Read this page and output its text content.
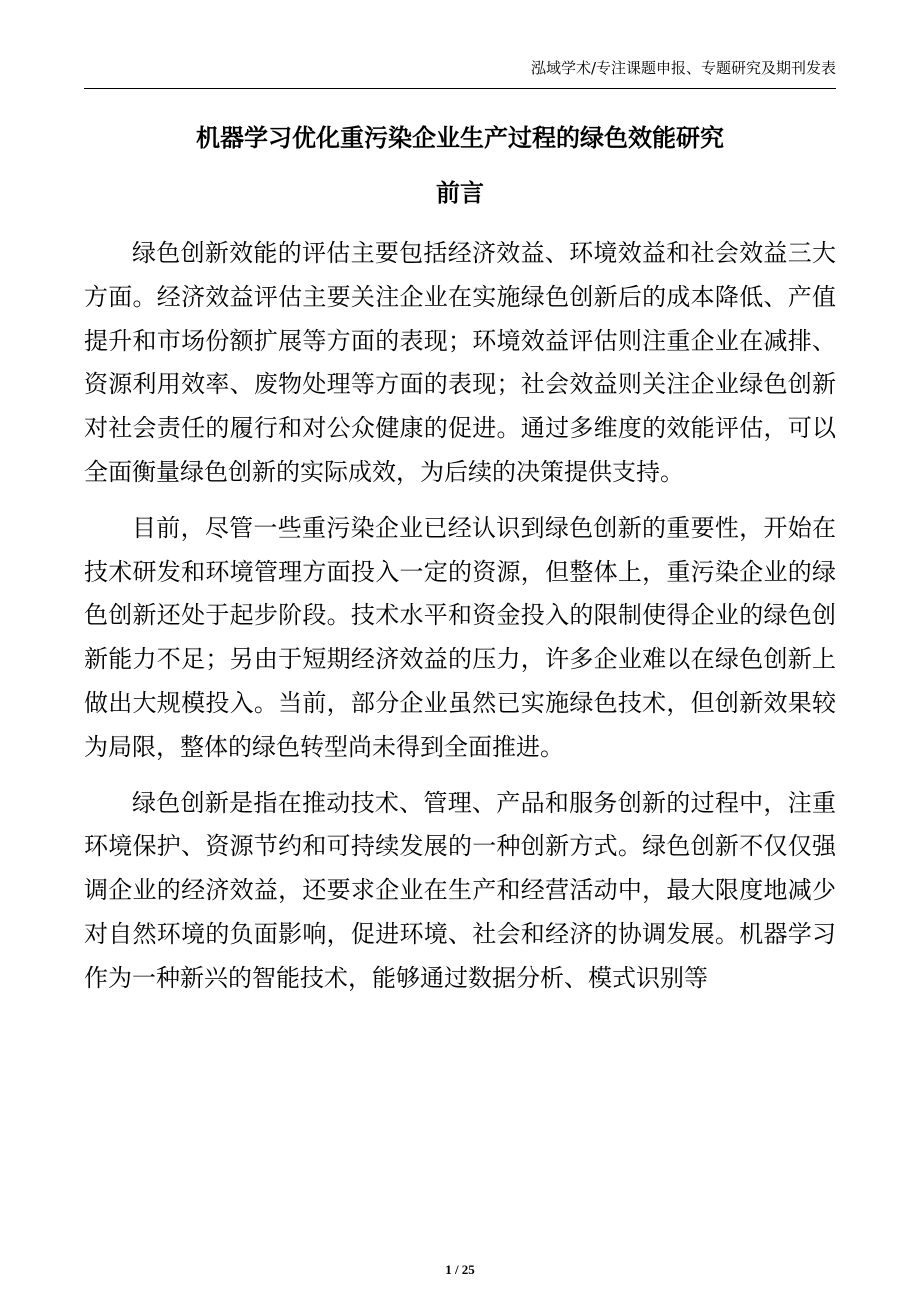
泓域学术/专注课题申报、专题研究及期刊发表
机器学习优化重污染企业生产过程的绿色效能研究
前言

绿色创新效能的评估主要包括经济效益、环境效益和社会效益三大方面。经济效益评估主要关注企业在实施绿色创新后的成本降低、产值提升和市场份额扩展等方面的表现；环境效益评估则注重企业在减排、资源利用效率、废物处理等方面的表现；社会效益则关注企业绿色创新对社会责任的履行和对公众健康的促进。通过多维度的效能评估，可以全面衡量绿色创新的实际成效，为后续的决策提供支持。

目前，尽管一些重污染企业已经认识到绿色创新的重要性，开始在技术研发和环境管理方面投入一定的资源，但整体上，重污染企业的绿色创新还处于起步阶段。技术水平和资金投入的限制使得企业的绿色创新能力不足；另由于短期经济效益的压力，许多企业难以在绿色创新上做出大规模投入。当前，部分企业虽然已实施绿色技术，但创新效果较为局限，整体的绿色转型尚未得到全面推进。

绿色创新是指在推动技术、管理、产品和服务创新的过程中，注重环境保护、资源节约和可持续发展的一种创新方式。绿色创新不仅仅强调企业的经济效益，还要求企业在生产和经营活动中，最大限度地减少对自然环境的负面影响，促进环境、社会和经济的协调发展。机器学习作为一种新兴的智能技术，能够通过数据分析、模式识别等

1 / 25
